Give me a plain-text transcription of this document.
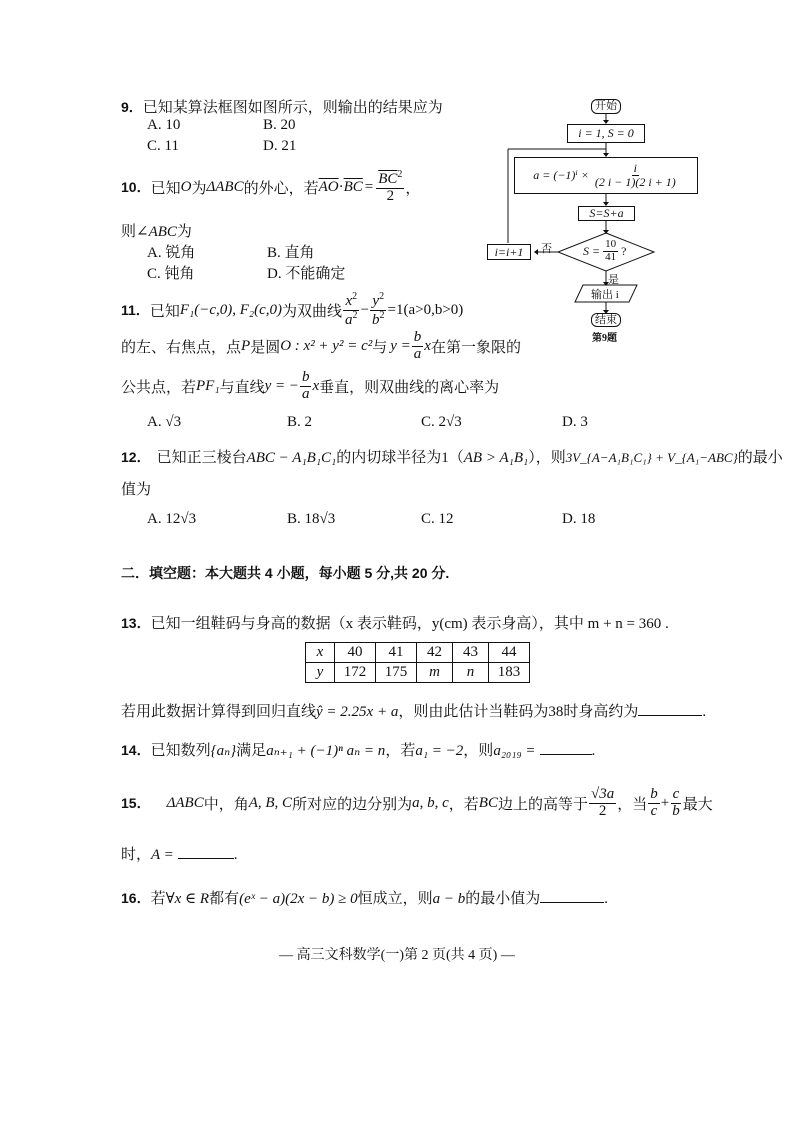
9．已知某算法框图如图所示，则输出的结果应为
A. 10	B. 20
C. 11	D. 21
10． 已知 O 为 ΔABC 的外心，若 $\overline{AO} \cdot \overline{BC} = \frac{\overline{BC}^2}{2}$ ，
则∠ABC为
A. 锐角	B. 直角
C. 钝角	D. 不能确定
11． 已知 F₁(−c,0), F₂(c,0) 为双曲线 $\frac{x^2}{a^2} - \frac{y^2}{b^2} =1(a>0,b>0)$
的左、右焦点，点 P 是圆 O : x² + y² = c² 与 $y = \frac{b}{a}$ x 在第一象限的
公共点，若 PF₁ 与直线 y = − $\frac{b}{a}$ x 垂直，则双曲线的离心率为
A. √3	B. 2	C. 2√3	D. 3
12． 已知正三棱台ABC − A₁B₁C₁的内切球半径为1（AB > A₁B₁），则3V_{A−A₁B₁C₁} + V_{A₁−ABC}的最小
值为
A. 12√3	B. 18√3	C. 12	D. 18
二．填空题：本大题共 4 小题，每小题 5 分,共 20 分.
13．已知一组鞋码与身高的数据（x 表示鞋码，y(cm) 表示身高），其中 m + n = 360 .
x	40	41	42	43	44
y	172	175	m	n	183
若用此数据计算得到回归直线ŷ = 2.25x + a，则由此估计当鞋码为38时身高约为	.
14．已知数列{aₙ}满足aₙ₊₁ + (−1)ⁿ aₙ = n，若a₁ = −2，则a₂₀₁₉ =	.
15． ΔABC 中，角 A, B, C 所对应的边分别为 a, b, c ，若 BC 边上的高等于 $\frac{√3a}{2}$ ，当 $\frac{b}{c} + \frac{c}{b}$ 最大
时，A =	.
16．若∀x ∈ R都有(eˣ − a)(2x − b) ≥ 0恒成立，则a − b的最小值为	.
开始
i = 1, S = 0
$a = (-1)^i \times \frac{i}{(2 i - 1)(2 i + 1)}$
S=S+a
$S = \frac{10}{41}$ ?
i=i+1	否
是
输出 i
结束
第9题
— 高三文科数学(一)第 2 页(共 4 页) —
